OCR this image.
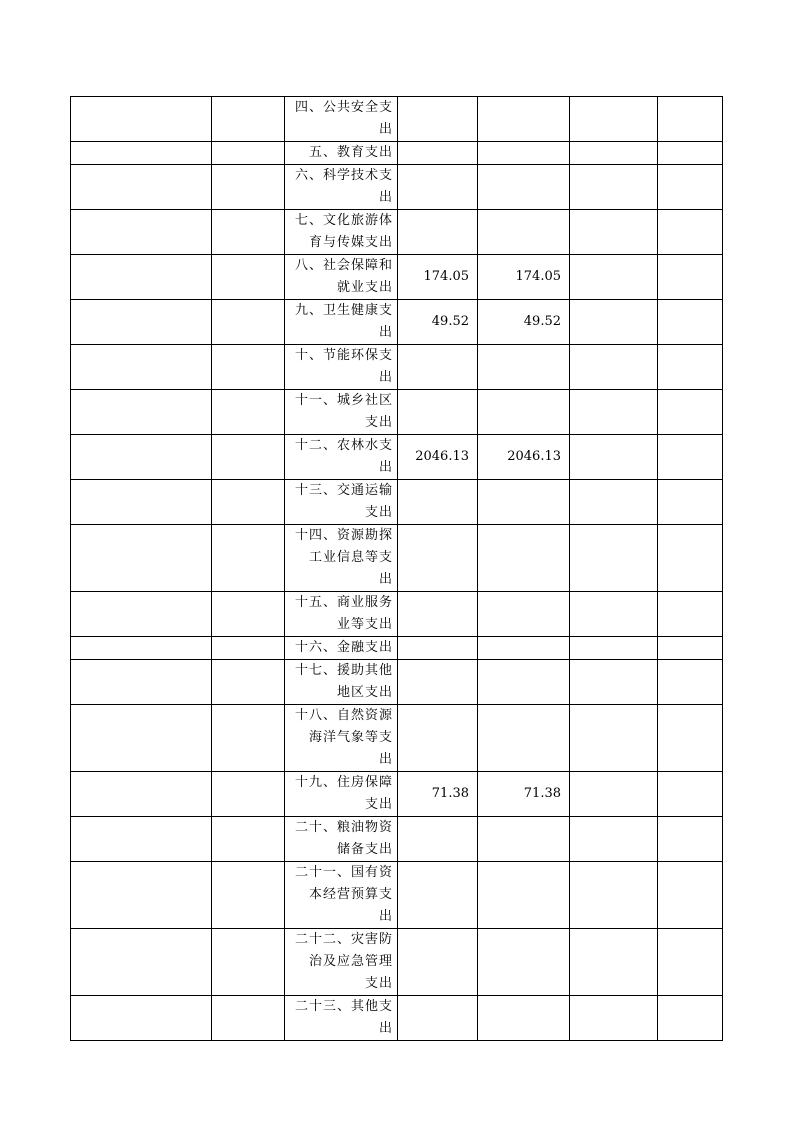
		四、公共安全支
出				

		五、教育支出				

		六、科学技术支
出				

		七、文化旅游体
育与传媒支出				

		八、社会保障和
就业支出	174.05	174.05		

		九、卫生健康支
出	49.52	49.52		

		十、节能环保支
出				

		十一、城乡社区
支出				

		十二、农林水支
出	2046.13	2046.13		

		十三、交通运输
支出				

		十四、资源勘探
工业信息等支
出				

		十五、商业服务
业等支出				

		十六、金融支出				

		十七、援助其他
地区支出				

		十八、自然资源
海洋气象等支
出				

		十九、住房保障
支出	71.38	71.38		

		二十、粮油物资
储备支出				

		二十一、国有资
本经营预算支
出				

		二十二、灾害防
治及应急管理
支出				

		二十三、其他支
出				
